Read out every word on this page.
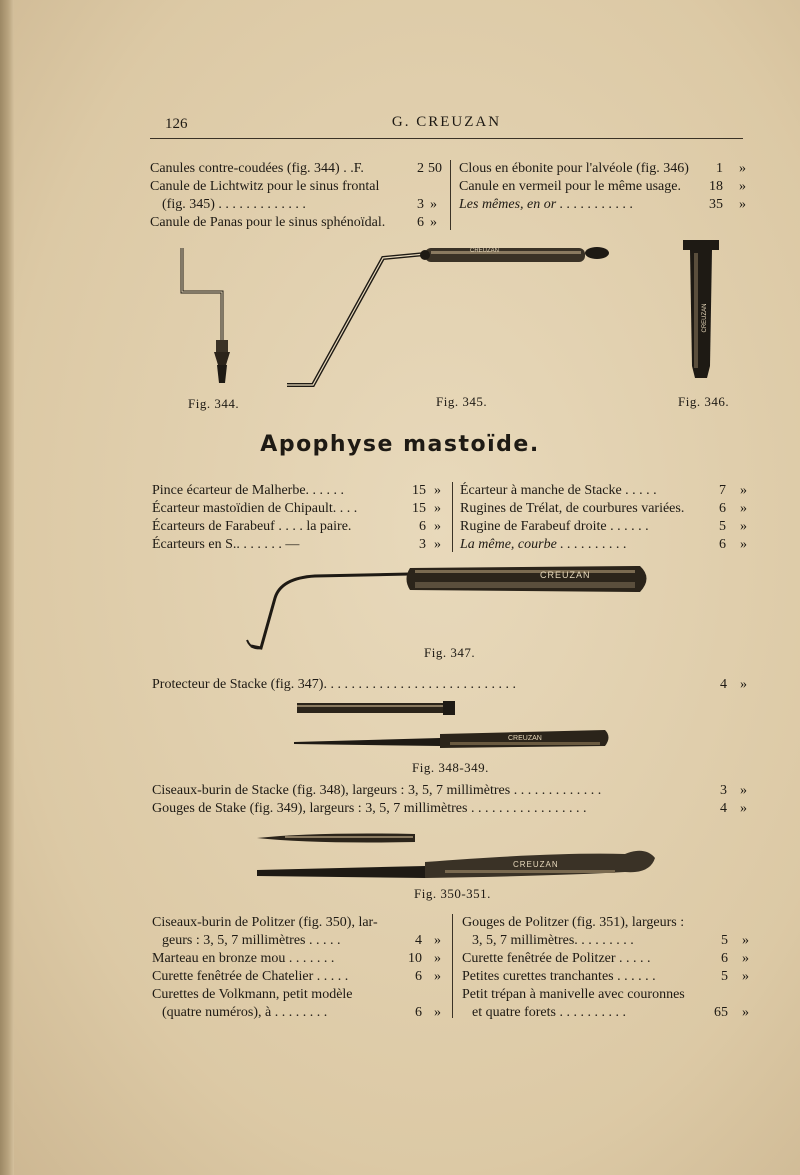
126	G. CREUZAN
Canules contre-coudées (fig. 344) . .F.	2 50
Canule de Lichtwitz pour le sinus frontal
(fig. 345) . . . . . . . . . . . . .	3 »
Canule de Panas pour le sinus sphénoïdal.	6 »
Clous en ébonite pour l'alvéole (fig. 346)	1 »
Canule en vermeil pour le même usage.	18 »
Les mêmes, en or . . . . . . . . . . .	35 »
CREUZAN
CREUZAN
Fig. 344.	Fig. 345.	Fig. 346.
Apophyse mastoïde.
Pince écarteur de Malherbe. . . . . .	15 »
Écarteur mastoïdien de Chipault. . . .	15 »
Écarteurs de Farabeuf . . . . la paire.	6 »
Écarteurs en S.. . . . . . . —	3 »
Écarteur à manche de Stacke . . . . .	7 »
Rugines de Trélat, de courbures variées.	6 »
Rugine de Farabeuf droite . . . . . .	5 »
La même, courbe . . . . . . . . . .	6 »
CREUZAN
Fig. 347.
Protecteur de Stacke (fig. 347). . . . . . . . . . . . . . . . . . . . . . . . . . . .	4 »
CREUZAN
Fig. 348-349.
Ciseaux-burin de Stacke (fig. 348), largeurs : 3, 5, 7 millimètres . . . . . . . . . . . . .	3 »
Gouges de Stake (fig. 349), largeurs : 3, 5, 7 millimètres . . . . . . . . . . . . . . . . .	4 »
CREUZAN
Fig. 350-351.
Ciseaux-burin de Politzer (fig. 350), lar-
geurs : 3, 5, 7 millimètres . . . . .	4 »
Marteau en bronze mou . . . . . . .	10 »
Curette fenêtrée de Chatelier . . . . .	6 »
Curettes de Volkmann, petit modèle
(quatre numéros), à . . . . . . . .	6 »
Gouges de Politzer (fig. 351), largeurs :
3, 5, 7 millimètres. . . . . . . . .	5 »
Curette fenêtrée de Politzer . . . . .	6 »
Petites curettes tranchantes . . . . . .	5 »
Petit trépan à manivelle avec couronnes
et quatre forets . . . . . . . . . .	65 »
